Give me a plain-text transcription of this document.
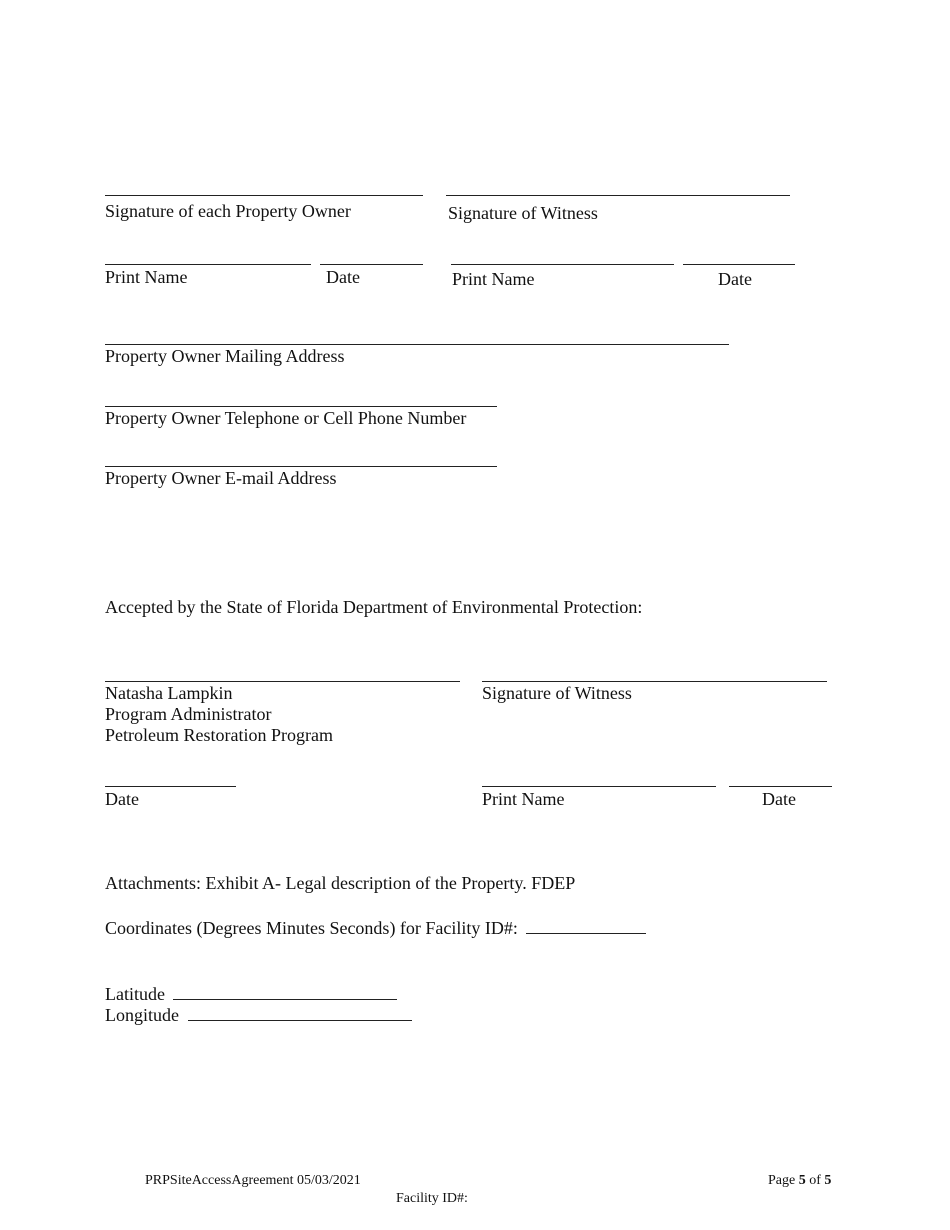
Signature of each Property Owner	Signature of Witness
Print Name	Date	Print Name	Date
Property Owner Mailing Address
Property Owner Telephone or Cell Phone Number
Property Owner E-mail Address
Accepted by the State of Florida Department of Environmental Protection:
Natasha Lampkin
Program Administrator
Petroleum Restoration Program
Signature of Witness
Date	Print Name	Date
Attachments: Exhibit A- Legal description of the Property. FDEP
Coordinates (Degrees Minutes Seconds) for Facility ID#:
Latitude
Longitude
PRPSiteAccessAgreement 05/03/2021	Page 5 of 5
Facility ID#:
